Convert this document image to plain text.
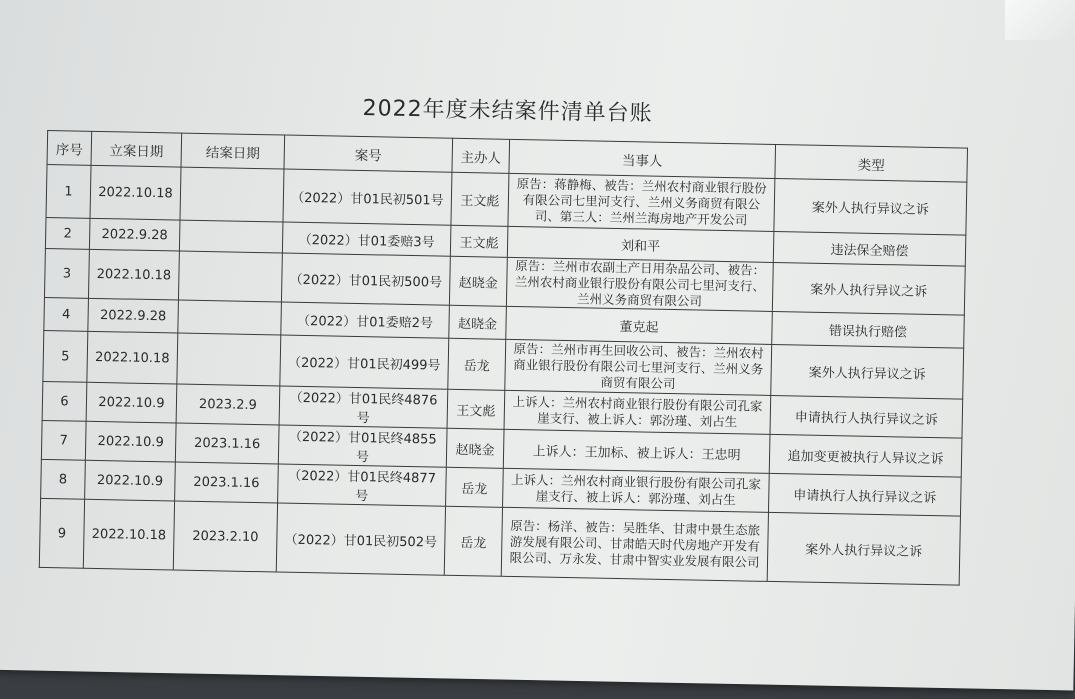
2022年度未结案件清单台账
序号	立案日期	结案日期	案号	主办人	当事人	类型
1	2022.10.18		（2022）甘01民初501号	王文彪	原告：蒋静梅、被告：兰州农村商业银行股份有限公司七里河支行、兰州义务商贸有限公司、第三人：兰州兰海房地产开发公司	案外人执行异议之诉
2	2022.9.28		（2022）甘01委赔3号	王文彪	刘和平	违法保全赔偿
3	2022.10.18		（2022）甘01民初500号	赵晓金	原告：兰州市农副土产日用杂品公司、被告：兰州农村商业银行股份有限公司七里河支行、兰州义务商贸有限公司	案外人执行异议之诉
4	2022.9.28		（2022）甘01委赔2号	赵晓金	董克起	错误执行赔偿
5	2022.10.18		（2022）甘01民初499号	岳龙	原告：兰州市再生回收公司、被告：兰州农村商业银行股份有限公司七里河支行、兰州义务商贸有限公司	案外人执行异议之诉
6	2022.10.9	2023.2.9	（2022）甘01民终4876号	王文彪	上诉人：兰州农村商业银行股份有限公司孔家崖支行、被上诉人：郭汾瑾、刘占生	申请执行人执行异议之诉
7	2022.10.9	2023.1.16	（2022）甘01民终4855号	赵晓金	上诉人：王加标、被上诉人：王忠明	追加变更被执行人异议之诉
8	2022.10.9	2023.1.16	（2022）甘01民终4877号	岳龙	上诉人：兰州农村商业银行股份有限公司孔家崖支行、被上诉人：郭汾瑾、刘占生	申请执行人执行异议之诉
9	2022.10.18	2023.2.10	（2022）甘01民初502号	岳龙	原告：杨洋、被告：吴胜华、甘肃中景生态旅游发展有限公司、甘肃皓天时代房地产开发有限公司、万永发、甘肃中智实业发展有限公司	案外人执行异议之诉
